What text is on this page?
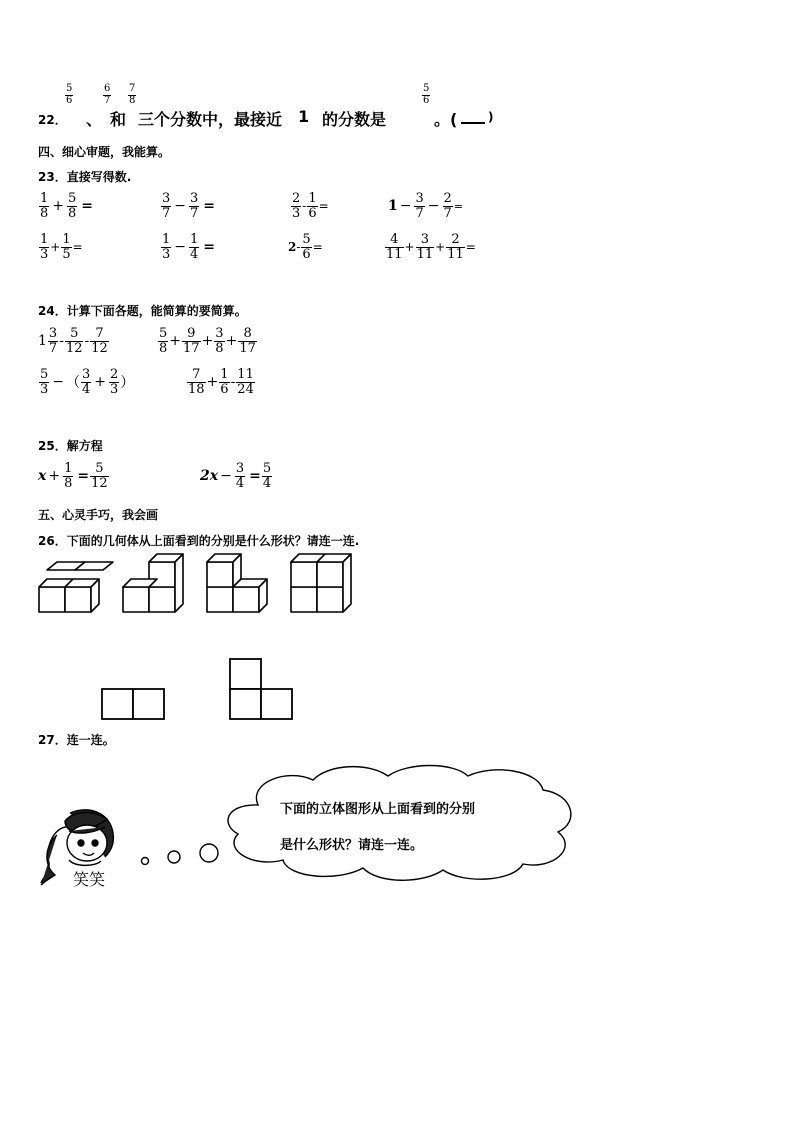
22．
$\frac{5}{6}$
、
$\frac{6}{7}$
和
$\frac{7}{8}$
三个分数中，最接近 1 的分数是
$\frac{5}{6}$
。( ____ )
四、细心审题，我能算。
23．直接写得数.
$\frac{1}{8} + \frac{5}{8}$ =	$\frac{3}{7} - \frac{3}{7}$ =	$\frac{2}{3} - \frac{1}{6}$ =	$1 - \frac{3}{7} - \frac{2}{7}$ =
$\frac{1}{3} + \frac{1}{5}$ =	$\frac{1}{3} - \frac{1}{4}$ =	$2 - \frac{5}{6}$ =	$\frac{4}{11} + \frac{3}{11} + \frac{2}{11}$ =
24．计算下面各题，能简算的要简算。
$1 \frac{3}{7} - \frac{5}{12} - \frac{7}{12}$	$\frac{5}{8} + \frac{9}{17} + \frac{3}{8} + \frac{8}{17}$
$\frac{5}{3}$ − （ $\frac{3}{4} + \frac{2}{3}$ ）	$\frac{7}{18} + \frac{1}{6} - \frac{11}{24}$
25．解方程
$x + \frac{1}{8} = \frac{5}{12}$	$2x - \frac{3}{4} = \frac{5}{4}$
五、心灵手巧，我会画
26．下面的几何体从上面看到的分别是什么形状？请连一连.
27．连一连。
笑笑
下面的立体图形从上面看到的分别
是什么形状？请连一连。
